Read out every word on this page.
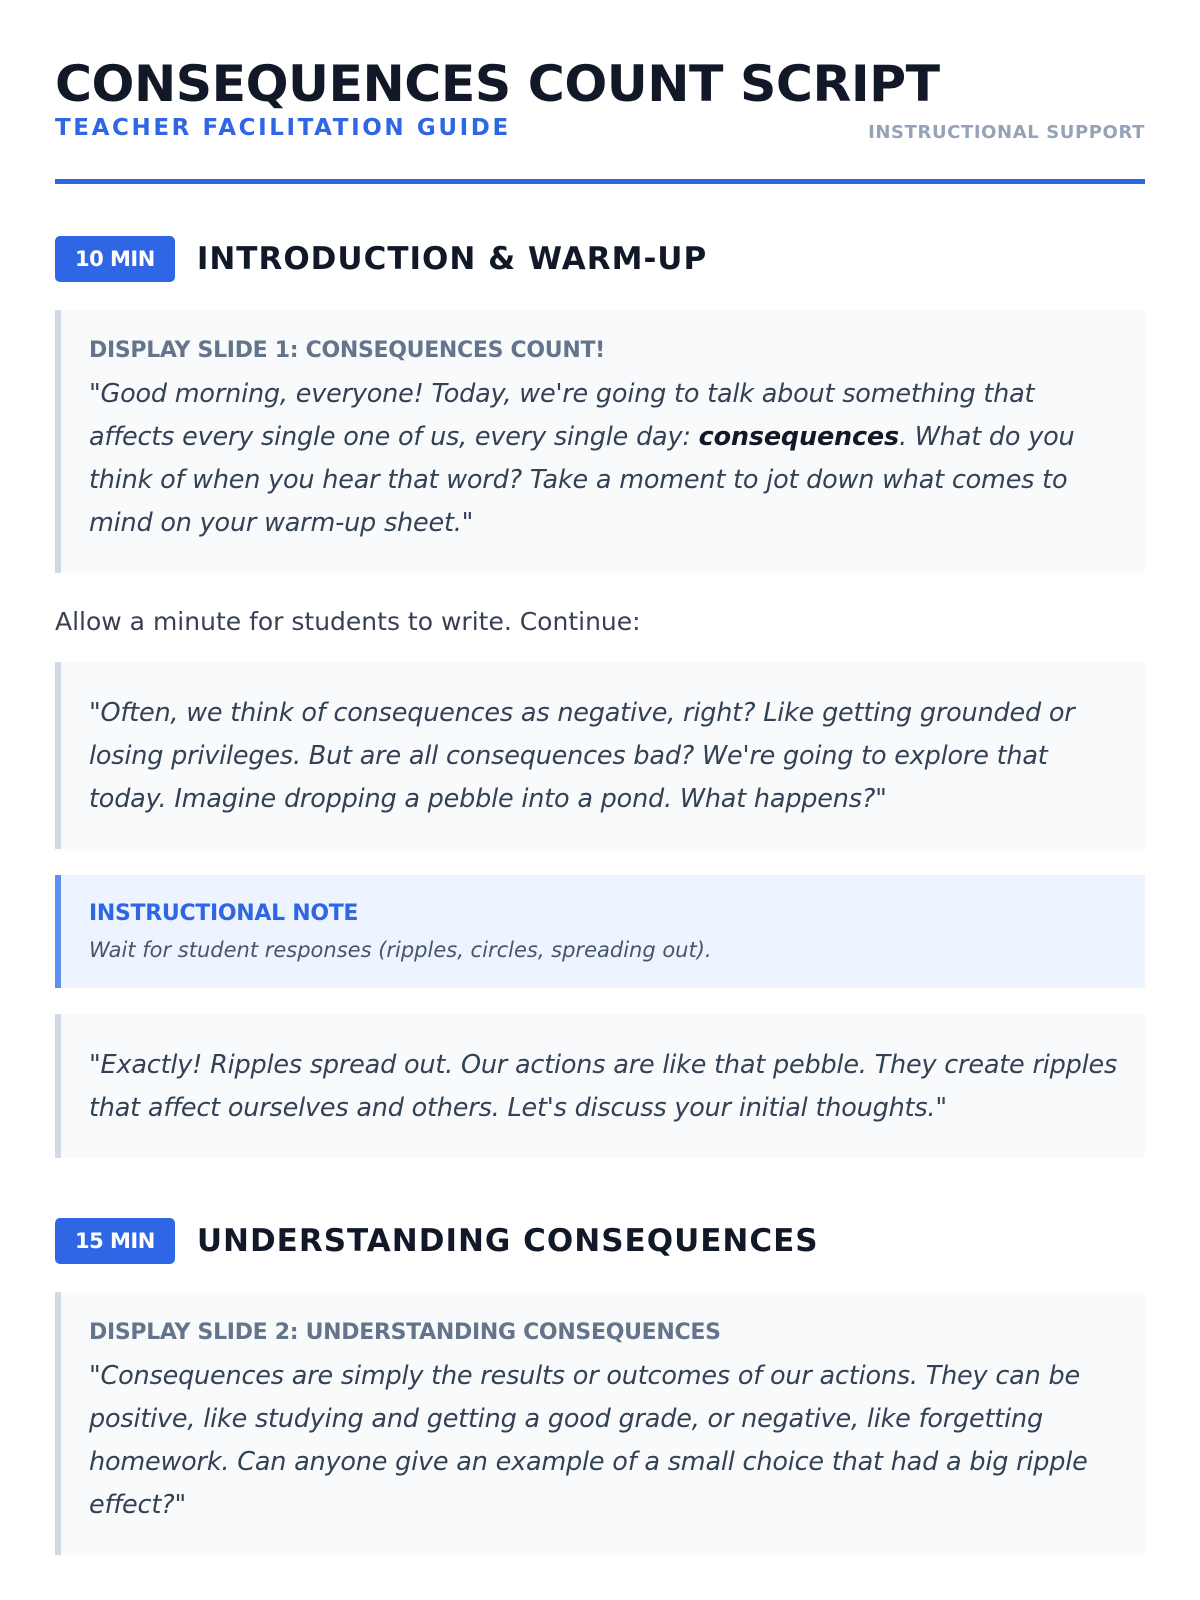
CONSEQUENCES COUNT SCRIPT
TEACHER FACILITATION GUIDE	INSTRUCTIONAL SUPPORT
10 MIN	INTRODUCTION & WARM-UP
DISPLAY SLIDE 1: CONSEQUENCES COUNT!
"Good morning, everyone! Today, we're going to talk about something that affects every single one of us, every single day: consequences. What do you think of when you hear that word? Take a moment to jot down what comes to mind on your warm-up sheet."

Allow a minute for students to write. Continue:

"Often, we think of consequences as negative, right? Like getting grounded or losing privileges. But are all consequences bad? We're going to explore that today. Imagine dropping a pebble into a pond. What happens?"
INSTRUCTIONAL NOTE
Wait for student responses (ripples, circles, spreading out).
"Exactly! Ripples spread out. Our actions are like that pebble. They create ripples that affect ourselves and others. Let's discuss your initial thoughts."
15 MIN	UNDERSTANDING CONSEQUENCES
DISPLAY SLIDE 2: UNDERSTANDING CONSEQUENCES
"Consequences are simply the results or outcomes of our actions. They can be positive, like studying and getting a good grade, or negative, like forgetting homework. Can anyone give an example of a small choice that had a big ripple effect?"
